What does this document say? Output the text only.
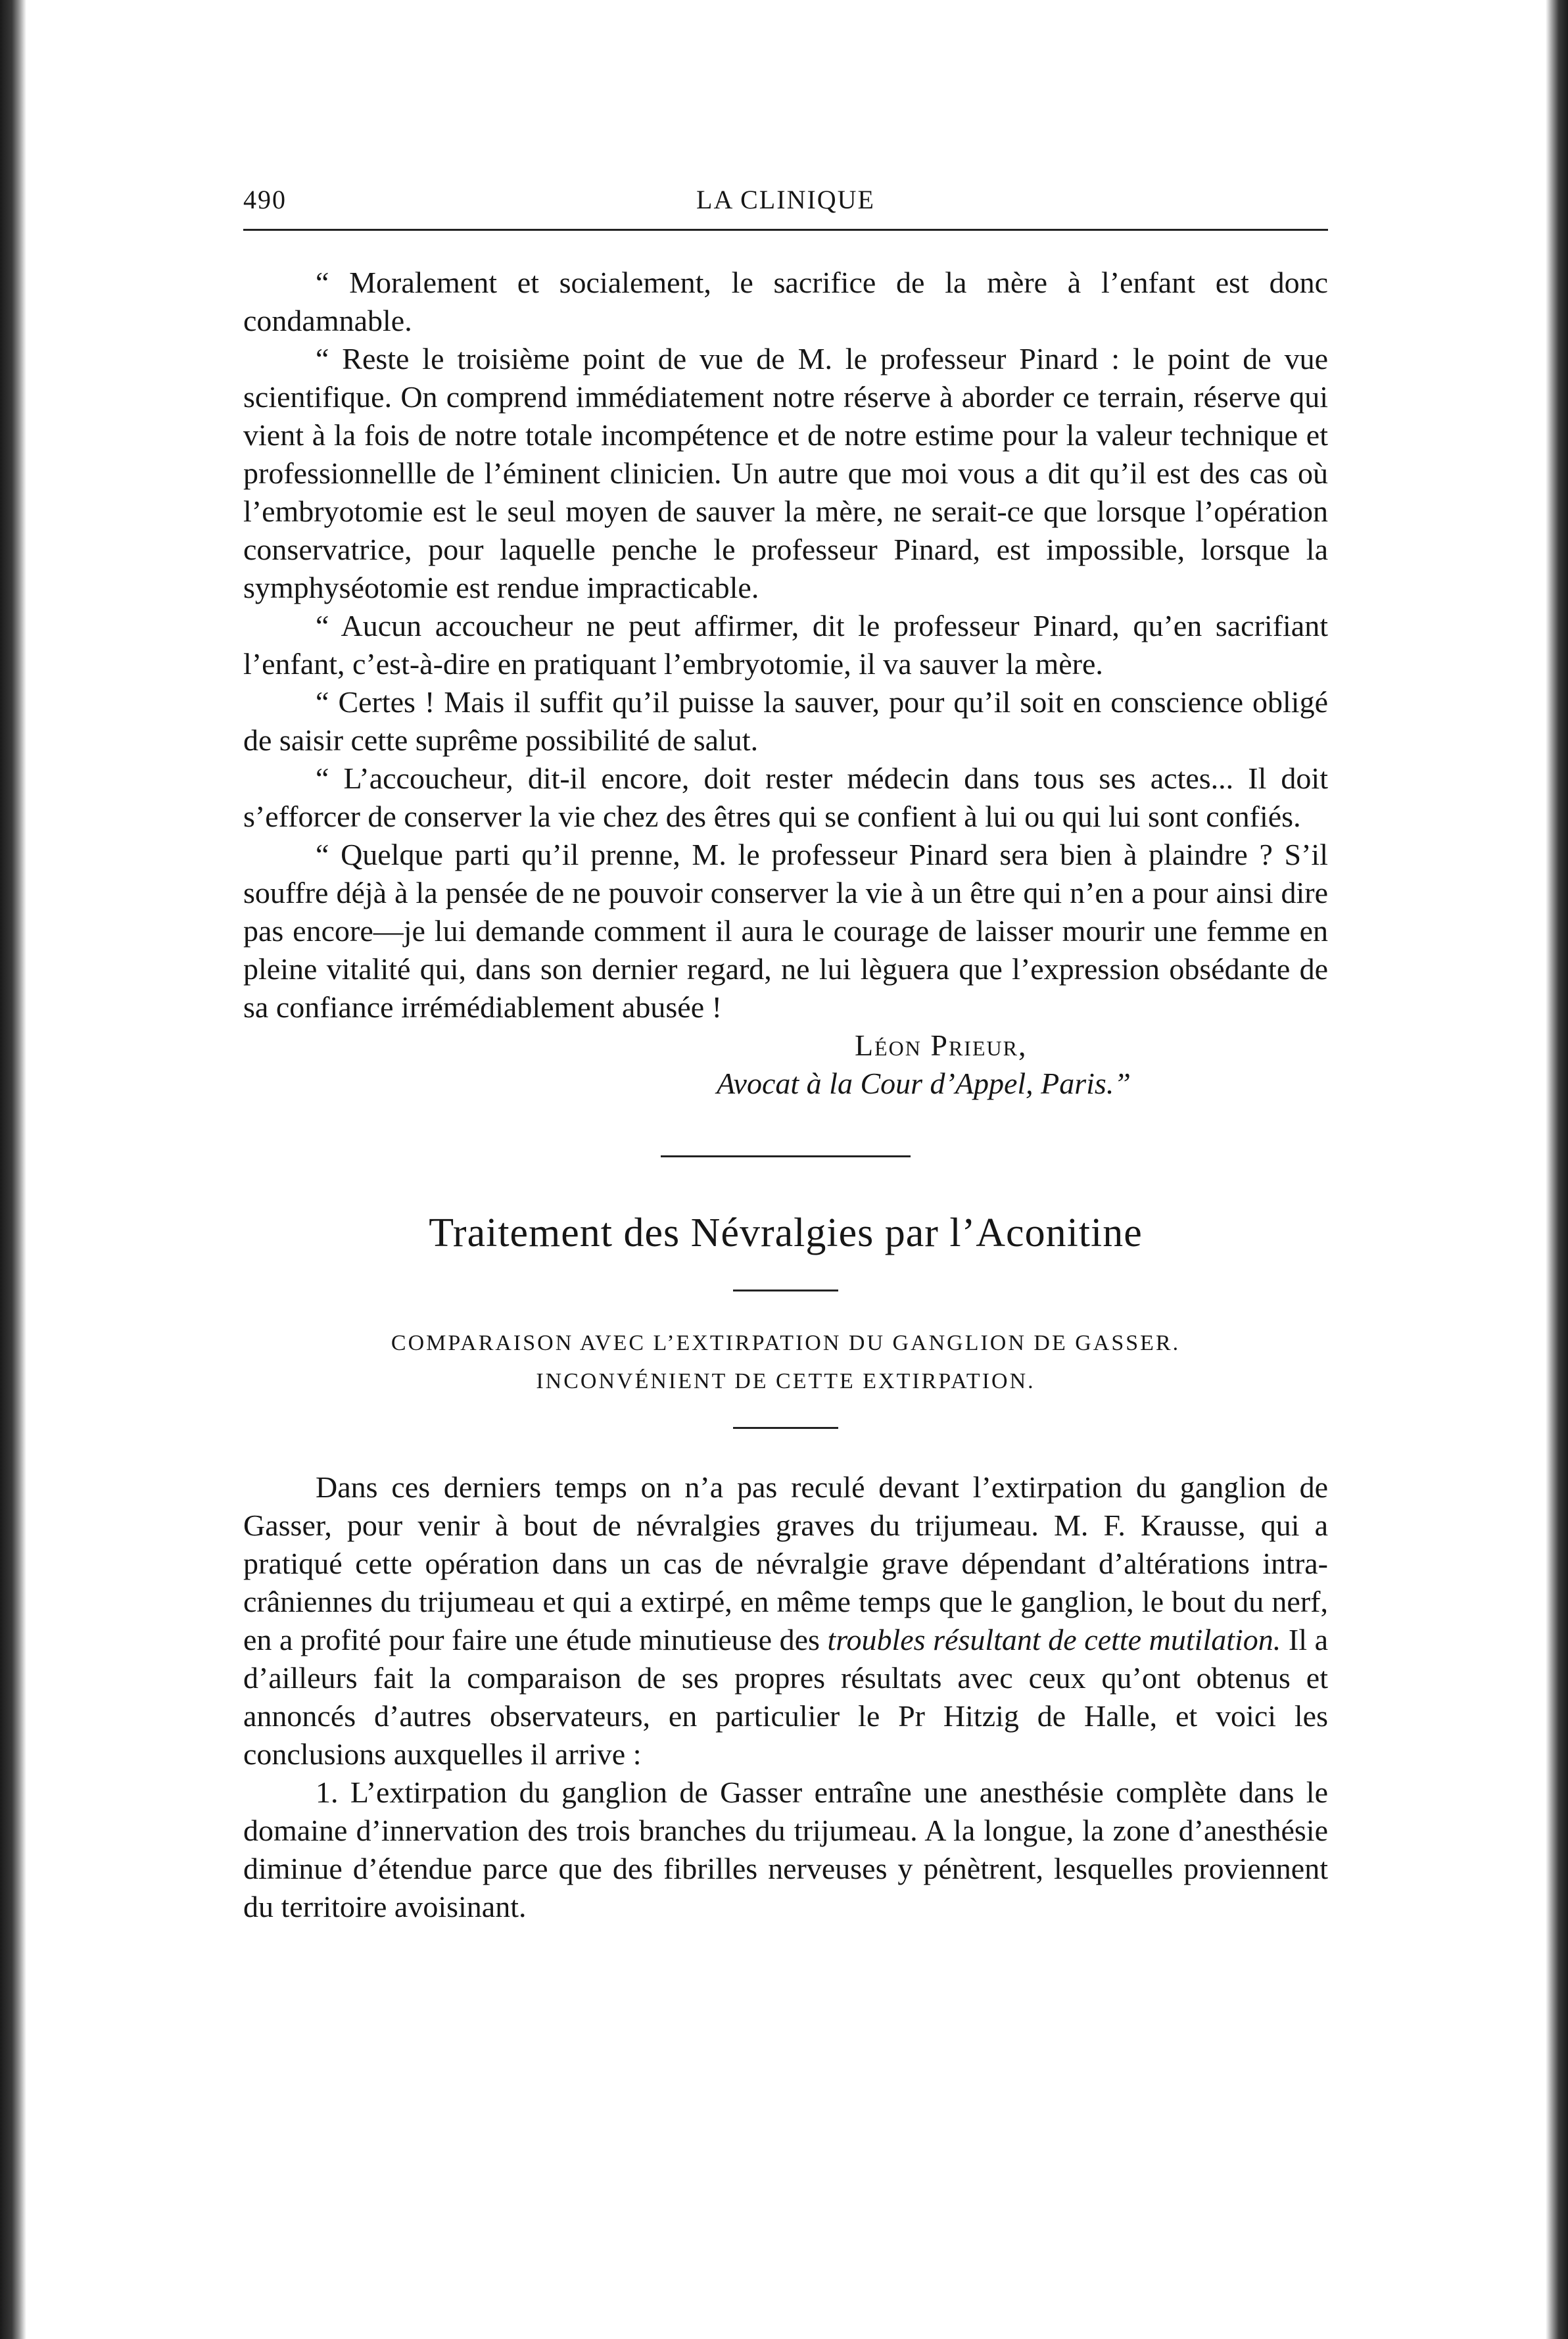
490	LA CLINIQUE

“ Moralement et socialement, le sacrifice de la mère à l’enfant est donc condamnable.

“ Reste le troisième point de vue de M. le professeur Pinard : le point de vue scientifique. On comprend immédiatement notre réserve à aborder ce terrain, réserve qui vient à la fois de notre totale incompétence et de notre estime pour la valeur technique et professionnellle de l’éminent clinicien. Un autre que moi vous a dit qu’il est des cas où l’embryotomie est le seul moyen de sauver la mère, ne serait-ce que lorsque l’opération conservatrice, pour laquelle penche le professeur Pinard, est impossible, lorsque la symphyséotomie est rendue impracticable.

“ Aucun accoucheur ne peut affirmer, dit le professeur Pinard, qu’en sacrifiant l’enfant, c’est-à-dire en pratiquant l’embryotomie, il va sauver la mère.

“ Certes ! Mais il suffit qu’il puisse la sauver, pour qu’il soit en conscience obligé de saisir cette suprême possibilité de salut.

“ L’accoucheur, dit-il encore, doit rester médecin dans tous ses actes... Il doit s’efforcer de conserver la vie chez des êtres qui se confient à lui ou qui lui sont confiés.

“ Quelque parti qu’il prenne, M. le professeur Pinard sera bien à plaindre ? S’il souffre déjà à la pensée de ne pouvoir conserver la vie à un être qui n’en a pour ainsi dire pas encore—je lui demande comment il aura le courage de laisser mourir une femme en pleine vitalité qui, dans son dernier regard, ne lui lèguera que l’expression obsédante de sa confiance irrémédiablement abusée !

Léon Prieur,
Avocat à la Cour d’Appel, Paris.”
Traitement des Névralgies par l’Aconitine
COMPARAISON AVEC L’EXTIRPATION DU GANGLION DE GASSER.
INCONVÉNIENT DE CETTE EXTIRPATION.

Dans ces derniers temps on n’a pas reculé devant l’extirpation du ganglion de Gasser, pour venir à bout de névralgies graves du trijumeau. M. F. Krausse, qui a pratiqué cette opération dans un cas de névralgie grave dépendant d’altérations intra-crâniennes du trijumeau et qui a extirpé, en même temps que le ganglion, le bout du nerf, en a profité pour faire une étude minutieuse des troubles résultant de cette mutilation. Il a d’ailleurs fait la comparaison de ses propres résultats avec ceux qu’ont obtenus et annoncés d’autres observateurs, en particulier le Pr Hitzig de Halle, et voici les conclusions auxquelles il arrive :

1. L’extirpation du ganglion de Gasser entraîne une anesthésie complète dans le domaine d’innervation des trois branches du trijumeau. A la longue, la zone d’anesthésie diminue d’étendue parce que des fibrilles nerveuses y pénètrent, lesquelles proviennent du territoire avoisinant.
